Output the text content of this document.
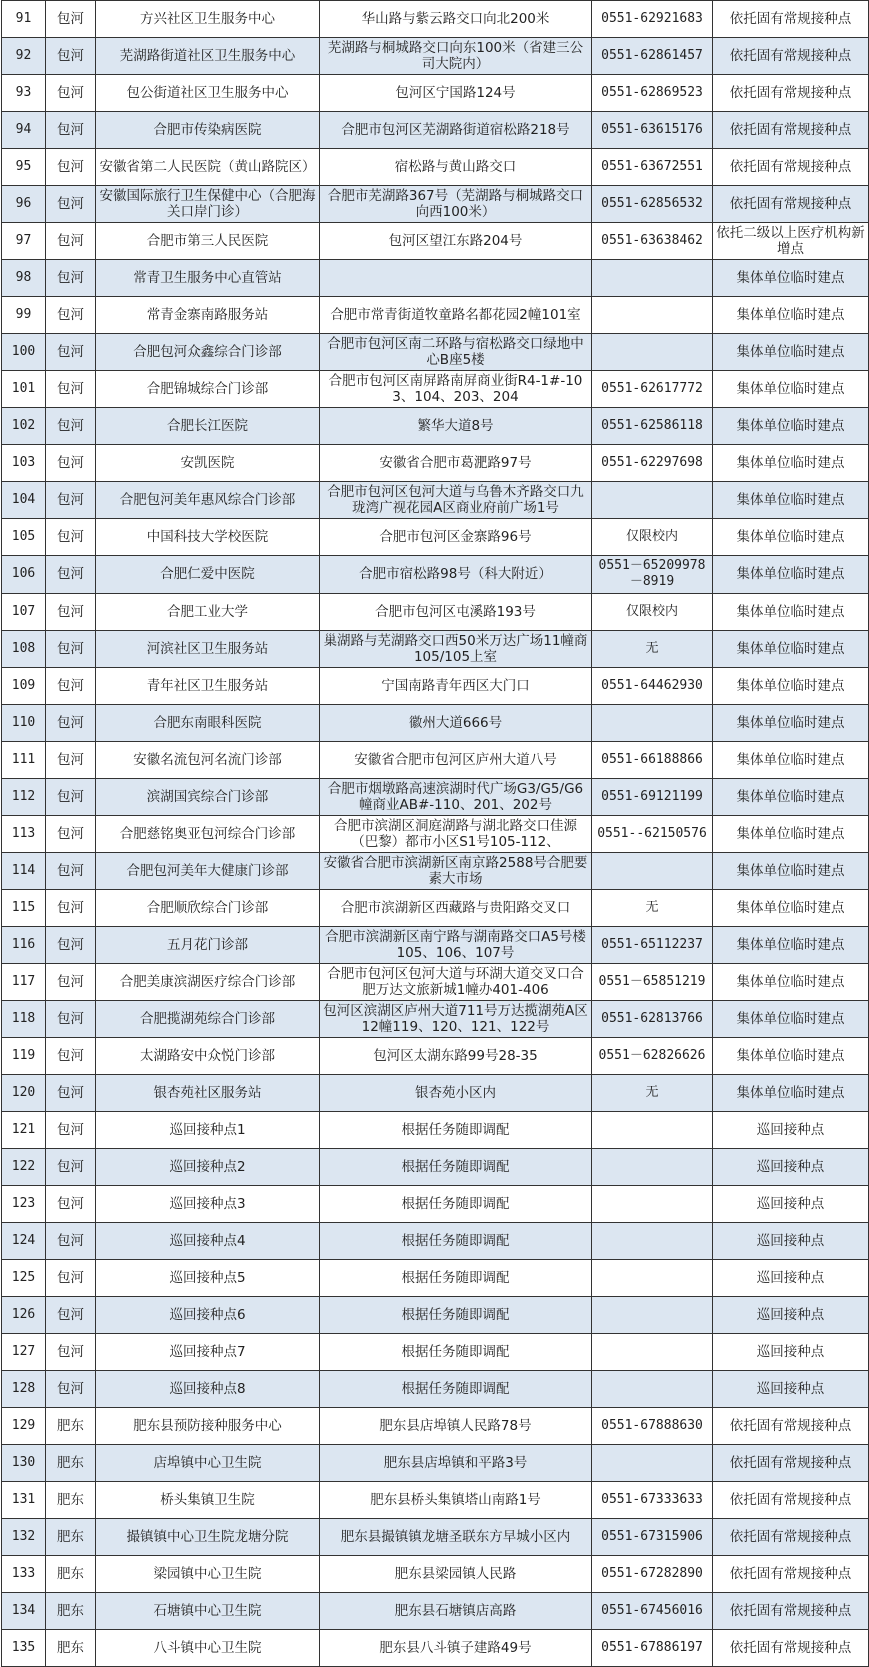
91	包河	方兴社区卫生服务中心	华山路与紫云路交口向北200米	0551-62921683	依托固有常规接种点
92	包河	芜湖路街道社区卫生服务中心	芜湖路与桐城路交口向东100米（省建三公司大院内）	0551-62861457	依托固有常规接种点
93	包河	包公街道社区卫生服务中心	包河区宁国路124号	0551-62869523	依托固有常规接种点
94	包河	合肥市传染病医院	合肥市包河区芜湖路街道宿松路218号	0551-63615176	依托固有常规接种点
95	包河	安徽省第二人民医院（黄山路院区）	宿松路与黄山路交口	0551-63672551	依托固有常规接种点
96	包河	安徽国际旅行卫生保健中心（合肥海关口岸门诊）	合肥市芜湖路367号（芜湖路与桐城路交口向西100米）	0551-62856532	依托固有常规接种点
97	包河	合肥市第三人民医院	包河区望江东路204号	0551-63638462	依托二级以上医疗机构新增点
98	包河	常青卫生服务中心直管站			集体单位临时建点
99	包河	常青金寨南路服务站	合肥市常青街道牧童路名都花园2幢101室		集体单位临时建点
100	包河	合肥包河众鑫综合门诊部	合肥市包河区南二环路与宿松路交口绿地中心B座5楼		集体单位临时建点
101	包河	合肥锦城综合门诊部	合肥市包河区南屏路南屏商业街R4-1#-103、104、203、204	0551-62617772	集体单位临时建点
102	包河	合肥长江医院	繁华大道8号	0551-62586118	集体单位临时建点
103	包河	安凯医院	安徽省合肥市葛淝路97号	0551-62297698	集体单位临时建点
104	包河	合肥包河美年惠风综合门诊部	合肥市包河区包河大道与乌鲁木齐路交口九珑湾广视花园A区商业府前广场1号		集体单位临时建点
105	包河	中国科技大学校医院	合肥市包河区金寨路96号	仅限校内	集体单位临时建点
106	包河	合肥仁爱中医院	合肥市宿松路98号（科大附近）	0551－65209978－8919	集体单位临时建点
107	包河	合肥工业大学	合肥市包河区屯溪路193号	仅限校内	集体单位临时建点
108	包河	河滨社区卫生服务站	巢湖路与芜湖路交口西50米万达广场11幢商105/105上室	无	集体单位临时建点
109	包河	青年社区卫生服务站	宁国南路青年西区大门口	0551-64462930	集体单位临时建点
110	包河	合肥东南眼科医院	徽州大道666号		集体单位临时建点
111	包河	安徽名流包河名流门诊部	安徽省合肥市包河区庐州大道八号	0551-66188866	集体单位临时建点
112	包河	滨湖国宾综合门诊部	合肥市烟墩路高速滨湖时代广场G3/G5/G6幢商业AB#-110、201、202号	0551-69121199	集体单位临时建点
113	包河	合肥慈铭奥亚包河综合门诊部	合肥市滨湖区洞庭湖路与湖北路交口佳源（巴黎）都市小区S1号105-112、	0551--62150576	集体单位临时建点
114	包河	合肥包河美年大健康门诊部	安徽省合肥市滨湖新区南京路2588号合肥要素大市场		集体单位临时建点
115	包河	合肥顺欣综合门诊部	合肥市滨湖新区西藏路与贵阳路交叉口	无	集体单位临时建点
116	包河	五月花门诊部	合肥市滨湖新区南宁路与湖南路交口A5号楼105、106、107号	0551-65112237	集体单位临时建点
117	包河	合肥美康滨湖医疗综合门诊部	合肥市包河区包河大道与环湖大道交叉口合肥万达文旅新城1幢办401-406	0551－65851219	集体单位临时建点
118	包河	合肥揽湖苑综合门诊部	包河区滨湖区庐州大道711号万达揽湖苑A区12幢119、120、121、122号	0551-62813766	集体单位临时建点
119	包河	太湖路安中众悦门诊部	包河区太湖东路99号28-35	0551－62826626	集体单位临时建点
120	包河	银杏苑社区服务站	银杏苑小区内	无	集体单位临时建点
121	包河	巡回接种点1	根据任务随即调配		巡回接种点
122	包河	巡回接种点2	根据任务随即调配		巡回接种点
123	包河	巡回接种点3	根据任务随即调配		巡回接种点
124	包河	巡回接种点4	根据任务随即调配		巡回接种点
125	包河	巡回接种点5	根据任务随即调配		巡回接种点
126	包河	巡回接种点6	根据任务随即调配		巡回接种点
127	包河	巡回接种点7	根据任务随即调配		巡回接种点
128	包河	巡回接种点8	根据任务随即调配		巡回接种点
129	肥东	肥东县预防接种服务中心	肥东县店埠镇人民路78号	0551-67888630	依托固有常规接种点
130	肥东	店埠镇中心卫生院	肥东县店埠镇和平路3号		依托固有常规接种点
131	肥东	桥头集镇卫生院	肥东县桥头集镇塔山南路1号	0551-67333633	依托固有常规接种点
132	肥东	撮镇镇中心卫生院龙塘分院	肥东县撮镇镇龙塘圣联东方早城小区内	0551-67315906	依托固有常规接种点
133	肥东	梁园镇中心卫生院	肥东县梁园镇人民路	0551-67282890	依托固有常规接种点
134	肥东	石塘镇中心卫生院	肥东县石塘镇店高路	0551-67456016	依托固有常规接种点
135	肥东	八斗镇中心卫生院	肥东县八斗镇子建路49号	0551-67886197	依托固有常规接种点
